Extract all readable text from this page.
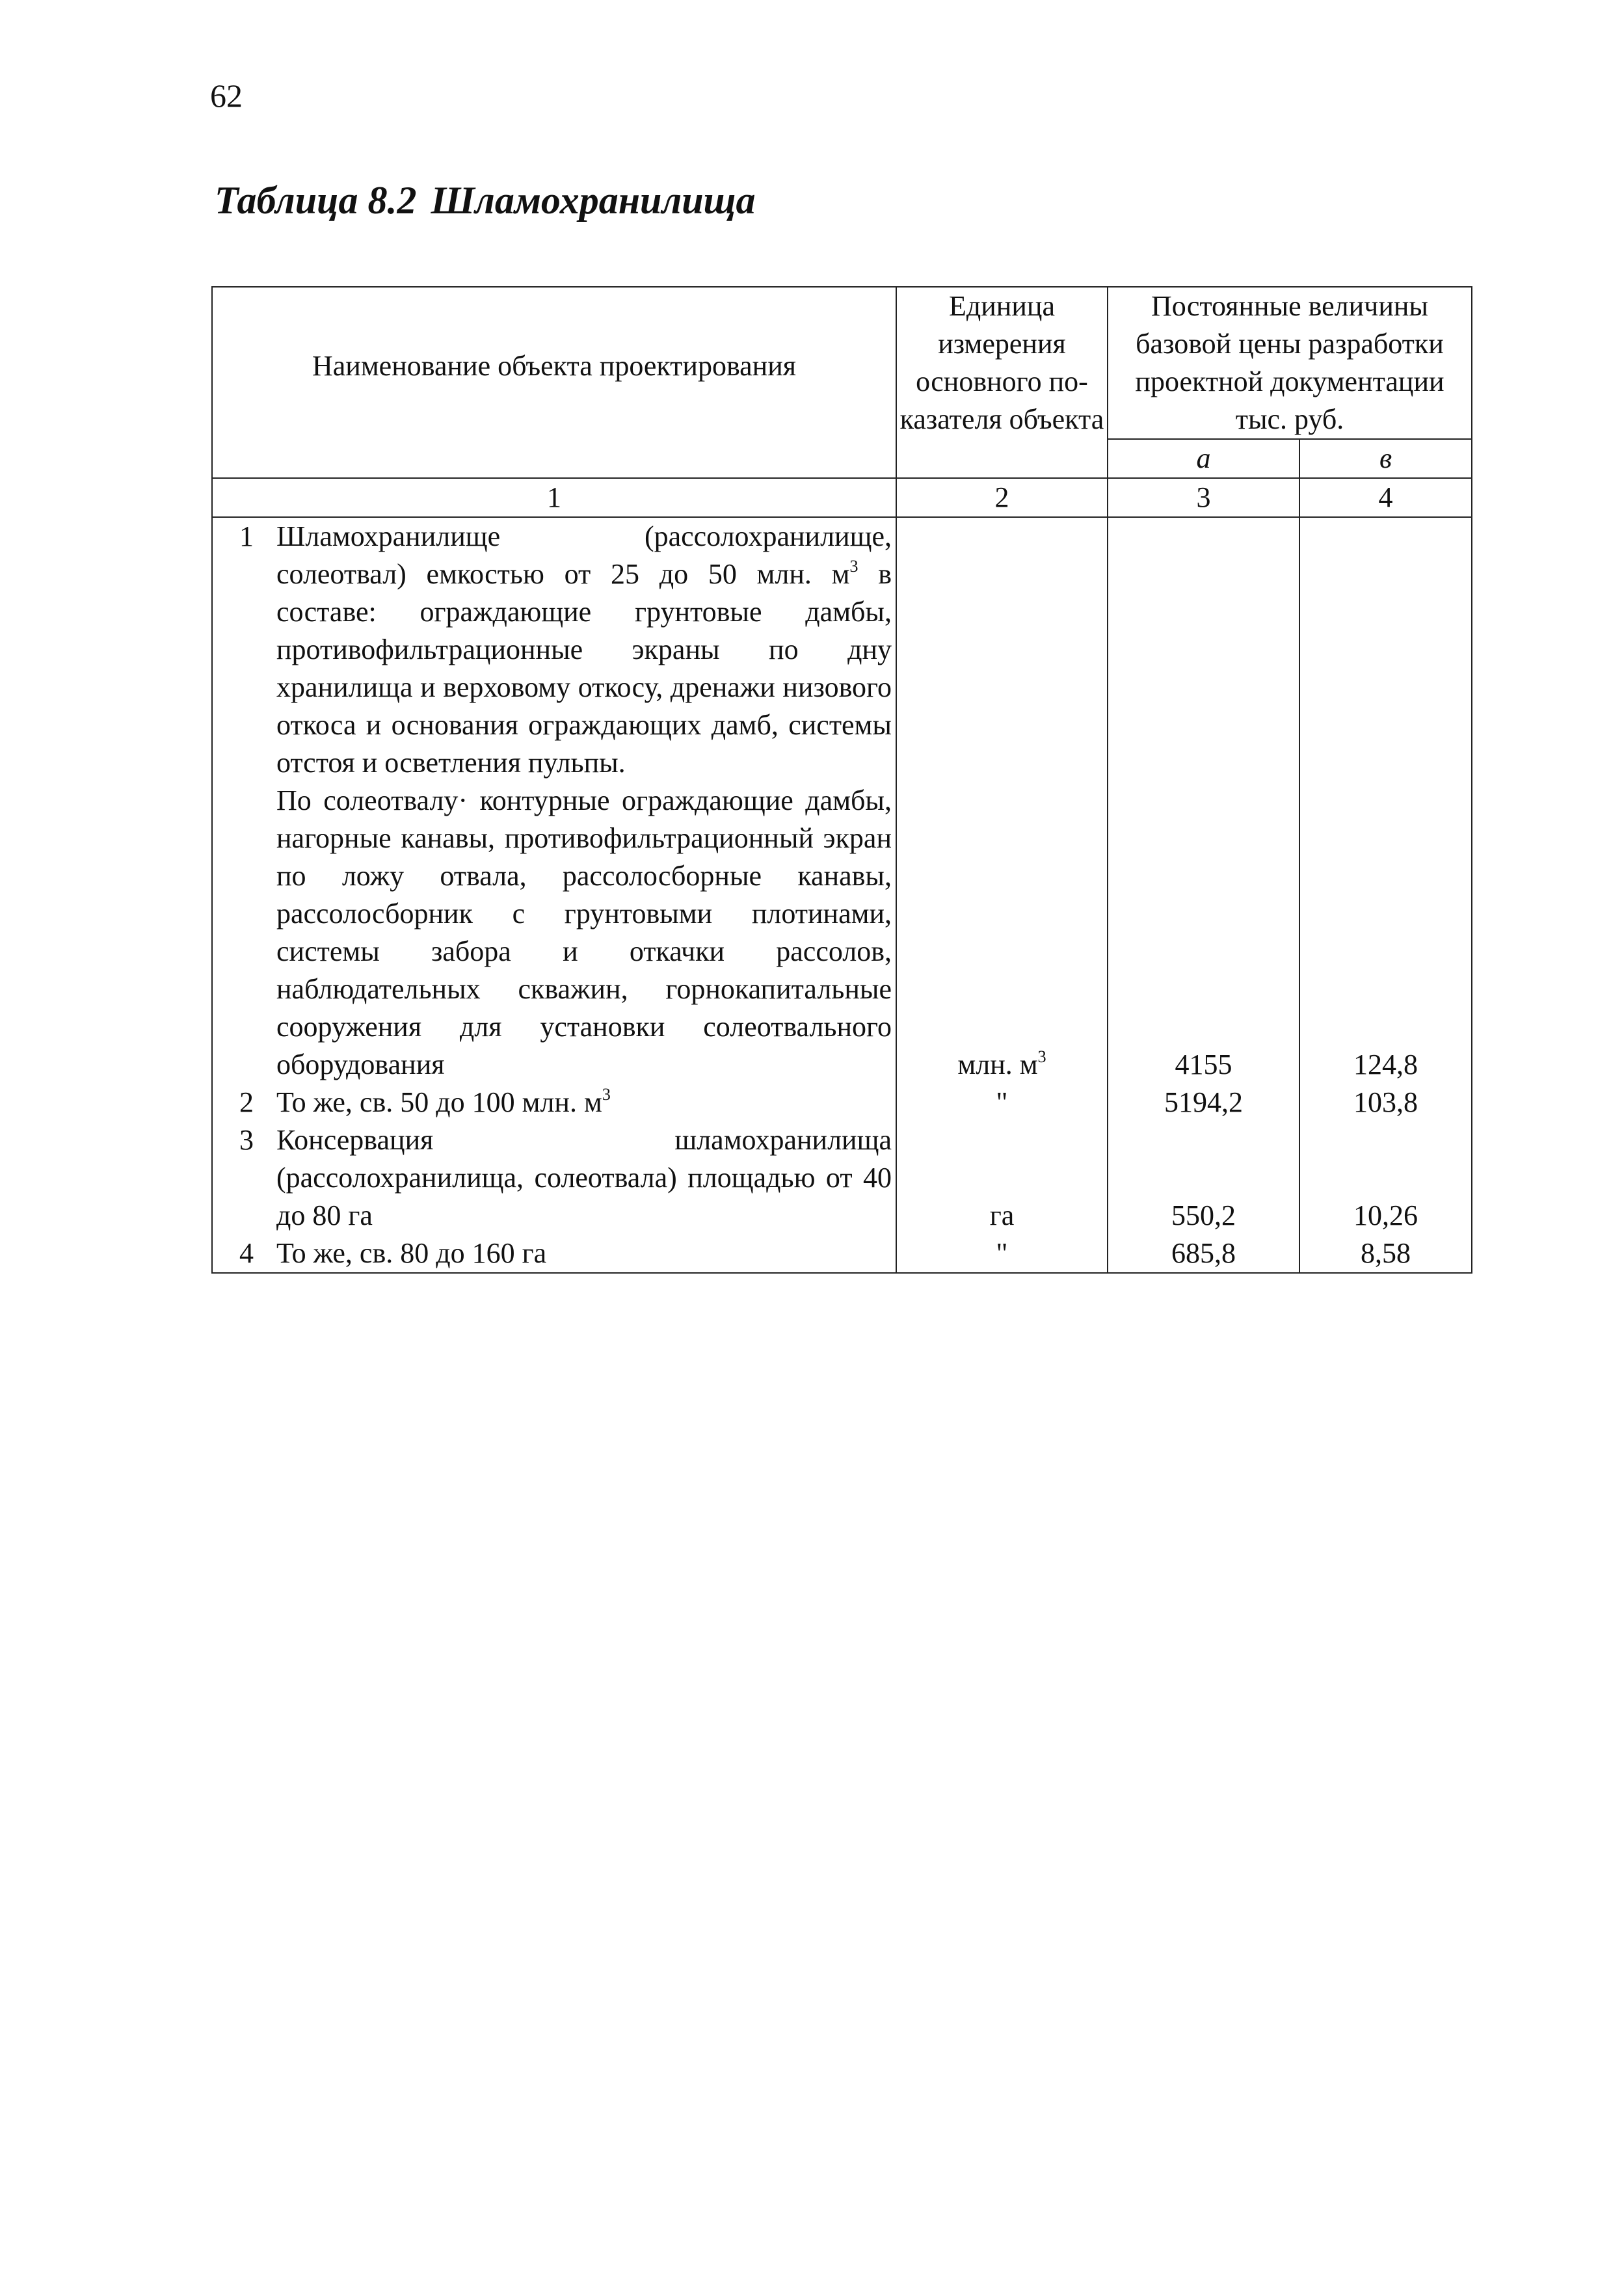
62
Таблица 8.2 Шламохранилища
Наименование объекта проектирования	Единица измерения основного по-казателя объекта	Постоянные величины базовой цены разработки проектной документации тыс. руб.	
		а	в
1	2	3	4

1 Шламохранилище (рассолохранилище, солеотвал) емкостью от 25 до 50 млн. $м^3$ в составе: ограждающие грунтовые дамбы, противофильтрационные экраны по дну хранилища и верховому откосу, дренажи низового откоса и основания ограждающих дамб, системы отстоя и осветления пульпы.

По солеотвалу· контурные ограждающие дамбы, нагорные канавы, противофильтрационный экран по ложу отвала, рассолосборные канавы, рассолосборник с грунтовыми плотинами, системы забора и откачки рассолов, наблюдательных скважин, горнокапитальные сооружения для установки солеотвального оборудования	млн. $м^3$	4155	124,8

2 То же, св. 50 до 100 млн. $м^3$	"	5194,2	103,8

3 Консервация шламохранилища (рассолохранилища, солеотвала) площадью от 40 до 80 га	га	550,2	10,26

4 То же, св. 80 до 160 га	"	685,8	8,58
